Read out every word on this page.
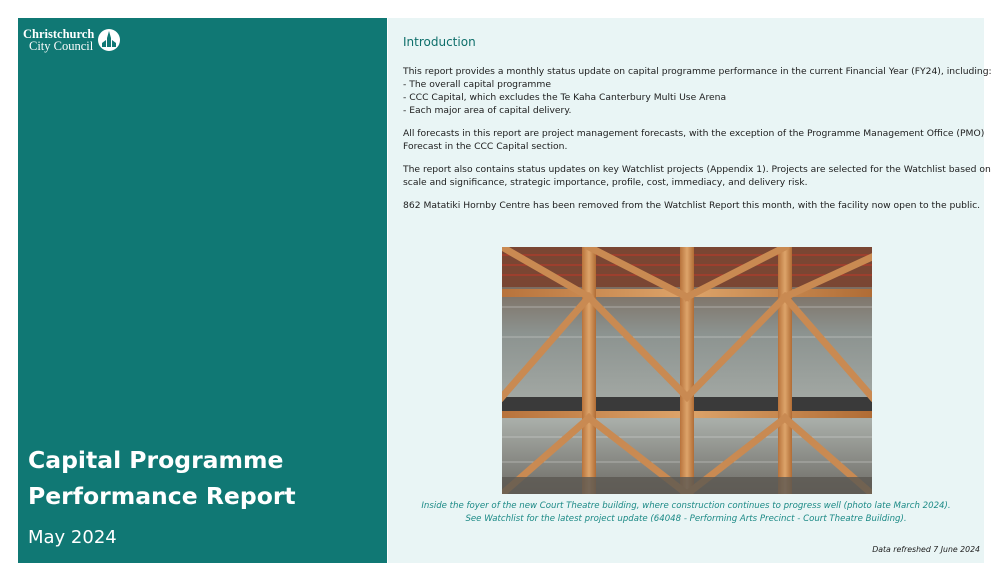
Christchurch
City Council
Capital Programme
Performance Report
May 2024
Introduction

This report provides a monthly status update on capital programme performance in the current Financial Year (FY24), including:
- The overall capital programme
- CCC Capital, which excludes the Te Kaha Canterbury Multi Use Arena
- Each major area of capital delivery.

All forecasts in this report are project management forecasts, with the exception of the Programme Management Office (PMO)
Forecast in the CCC Capital section.

The report also contains status updates on key Watchlist projects (Appendix 1). Projects are selected for the Watchlist based on
scale and significance, strategic importance, profile, cost, immediacy, and delivery risk.

862 Matatiki Hornby Centre has been removed from the Watchlist Report this month, with the facility now open to the public.

Inside the foyer of the new Court Theatre building, where construction continues to progress well (photo late March 2024).
See Watchlist for the latest project update (64048 - Performing Arts Precinct - Court Theatre Building).
Data refreshed 7 June 2024
